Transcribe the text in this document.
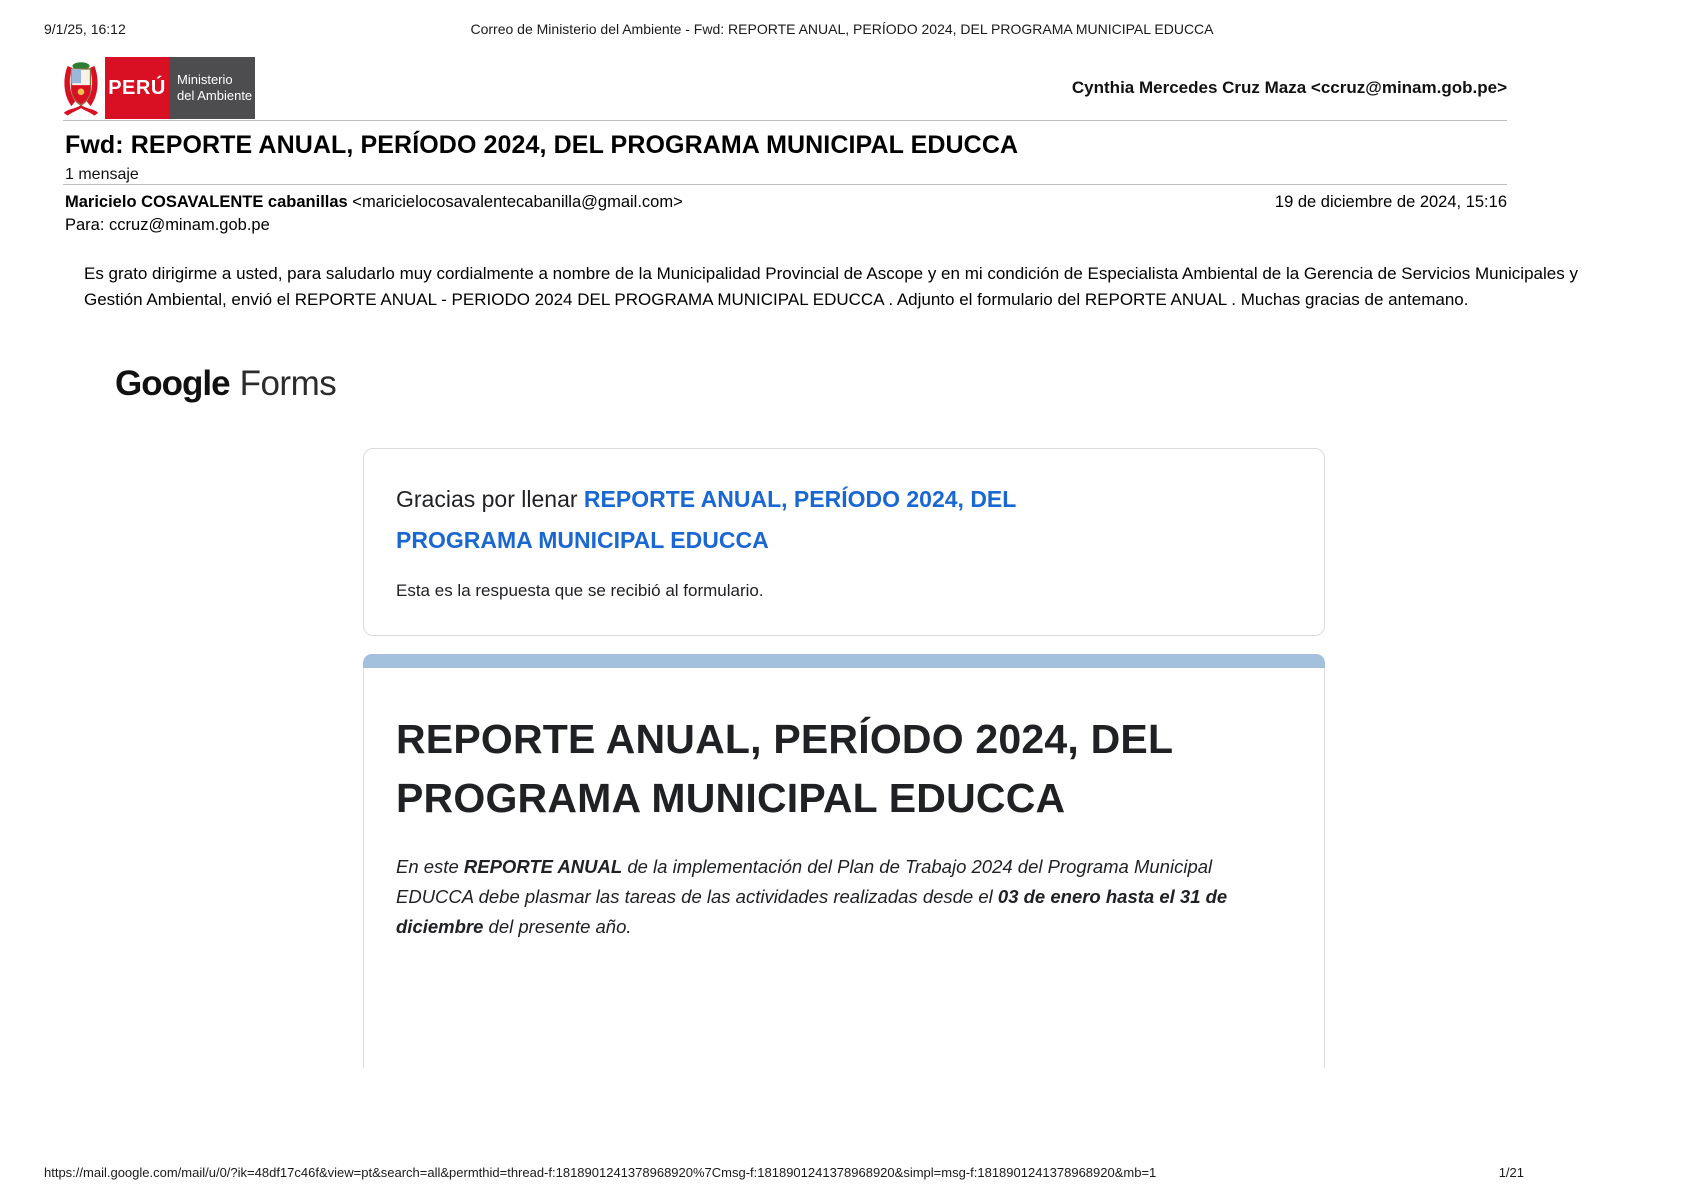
9/1/25, 16:12	Correo de Ministerio del Ambiente - Fwd: REPORTE ANUAL, PERÍODO 2024, DEL PROGRAMA MUNICIPAL EDUCCA
PERÚ Ministerio
del Ambiente	Cynthia Mercedes Cruz Maza <ccruz@minam.gob.pe>
Fwd: REPORTE ANUAL, PERÍODO 2024, DEL PROGRAMA MUNICIPAL EDUCCA
1 mensaje
Maricielo COSAVALENTE cabanillas <maricielocosavalentecabanilla@gmail.com>	19 de diciembre de 2024, 15:16
Para: ccruz@minam.gob.pe

Es grato dirigirme a usted, para saludarlo muy cordialmente a nombre de la Municipalidad Provincial de Ascope y en mi condición de Especialista Ambiental de la Gerencia de Servicios Municipales y Gestión Ambiental, envió el REPORTE ANUAL - PERIODO 2024 DEL PROGRAMA MUNICIPAL EDUCCA . Adjunto el formulario del REPORTE ANUAL . Muchas gracias de antemano.

Google Forms
Gracias por llenar REPORTE ANUAL, PERÍODO 2024, DEL PROGRAMA MUNICIPAL EDUCCA
Esta es la respuesta que se recibió al formulario.
REPORTE ANUAL, PERÍODO 2024, DEL PROGRAMA MUNICIPAL EDUCCA

En este REPORTE ANUAL de la implementación del Plan de Trabajo 2024 del Programa Municipal EDUCCA debe plasmar las tareas de las actividades realizadas desde el 03 de enero hasta el 31 de diciembre del presente año.

https://mail.google.com/mail/u/0/?ik=48df17c46f&view=pt&search=all&permthid=thread-f:1818901241378968920%7Cmsg-f:1818901241378968920&simpl=msg-f:1818901241378968920&mb=1	1/21
